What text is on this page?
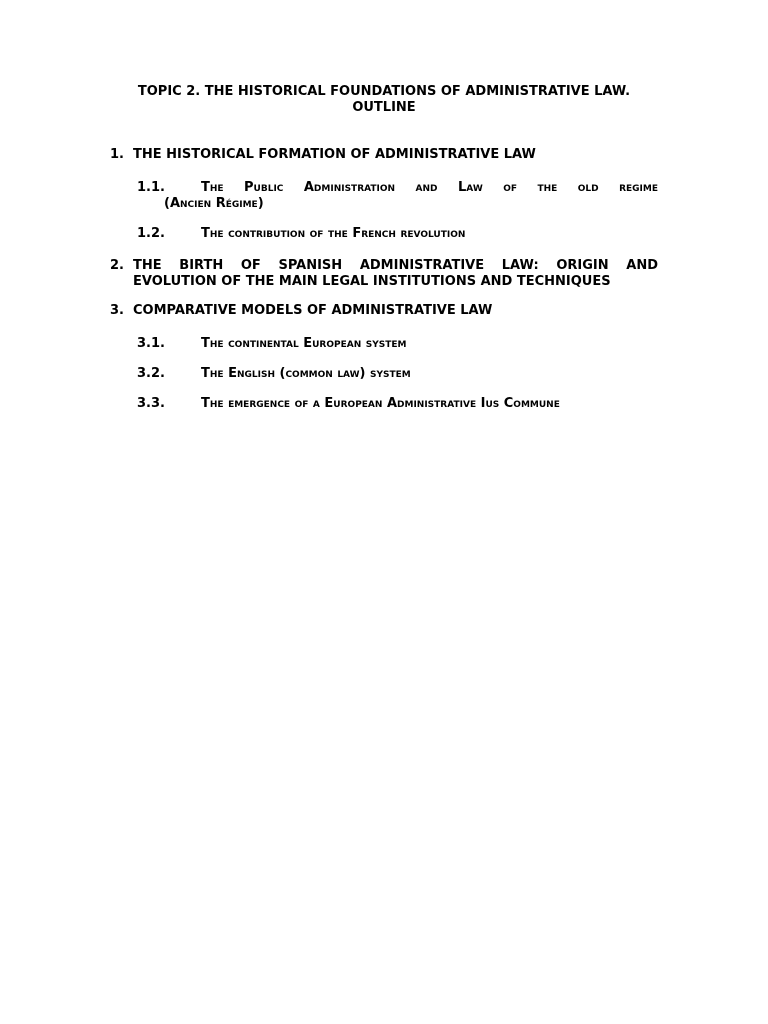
TOPIC 2. THE HISTORICAL FOUNDATIONS OF ADMINISTRATIVE LAW.
OUTLINE
1. THE HISTORICAL FORMATION OF ADMINISTRATIVE LAW
1.1.	The Public Administration and Law of the old regime
(Ancien Régime)
1.2.	The contribution of the French revolution
2. THE BIRTH OF SPANISH ADMINISTRATIVE LAW: ORIGIN AND
EVOLUTION OF THE MAIN LEGAL INSTITUTIONS AND TECHNIQUES
3. COMPARATIVE MODELS OF ADMINISTRATIVE LAW
3.1.	The continental European system
3.2.	The English (common law) system
3.3.	The emergence of a European Administrative Ius Commune
